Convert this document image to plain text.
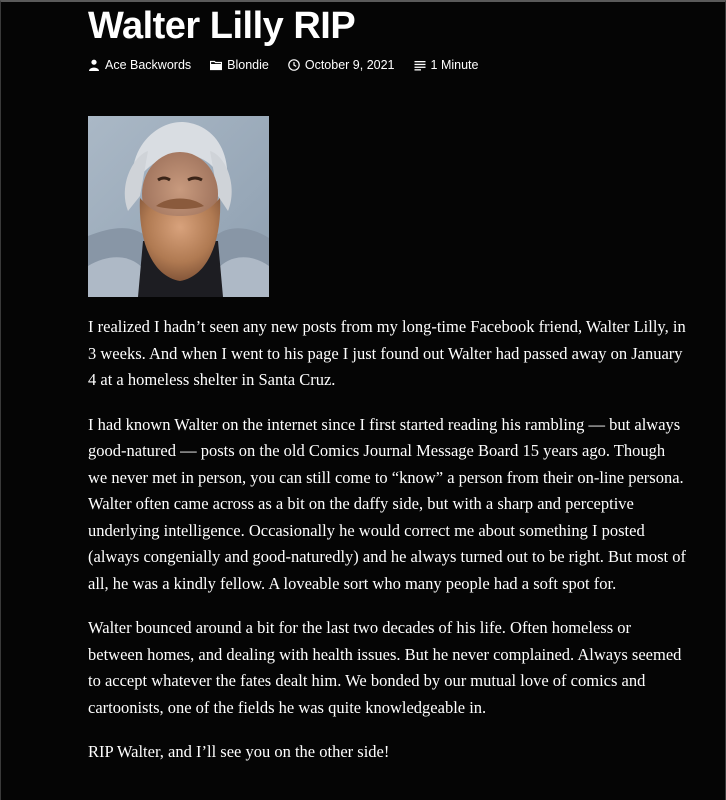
Walter Lilly RIP
Ace Backwords	Blondie	October 9, 2021	1 Minute

I realized I hadn’t seen any new posts from my long-time Facebook friend, Walter Lilly, in 3 weeks. And when I went to his page I just found out Walter had passed away on January 4 at a homeless shelter in Santa Cruz.

I had known Walter on the internet since I first started reading his rambling — but always good-natured — posts on the old Comics Journal Message Board 15 years ago. Though we never met in person, you can still come to “know” a person from their on-line persona. Walter often came across as a bit on the daffy side, but with a sharp and perceptive underlying intelligence. Occasionally he would correct me about something I posted (always congenially and good-naturedly) and he always turned out to be right. But most of all, he was a kindly fellow. A loveable sort who many people had a soft spot for.

Walter bounced around a bit for the last two decades of his life. Often homeless or between homes, and dealing with health issues. But he never complained. Always seemed to accept whatever the fates dealt him. We bonded by our mutual love of comics and cartoonists, one of the fields he was quite knowledgeable in.

RIP Walter, and I’ll see you on the other side!
